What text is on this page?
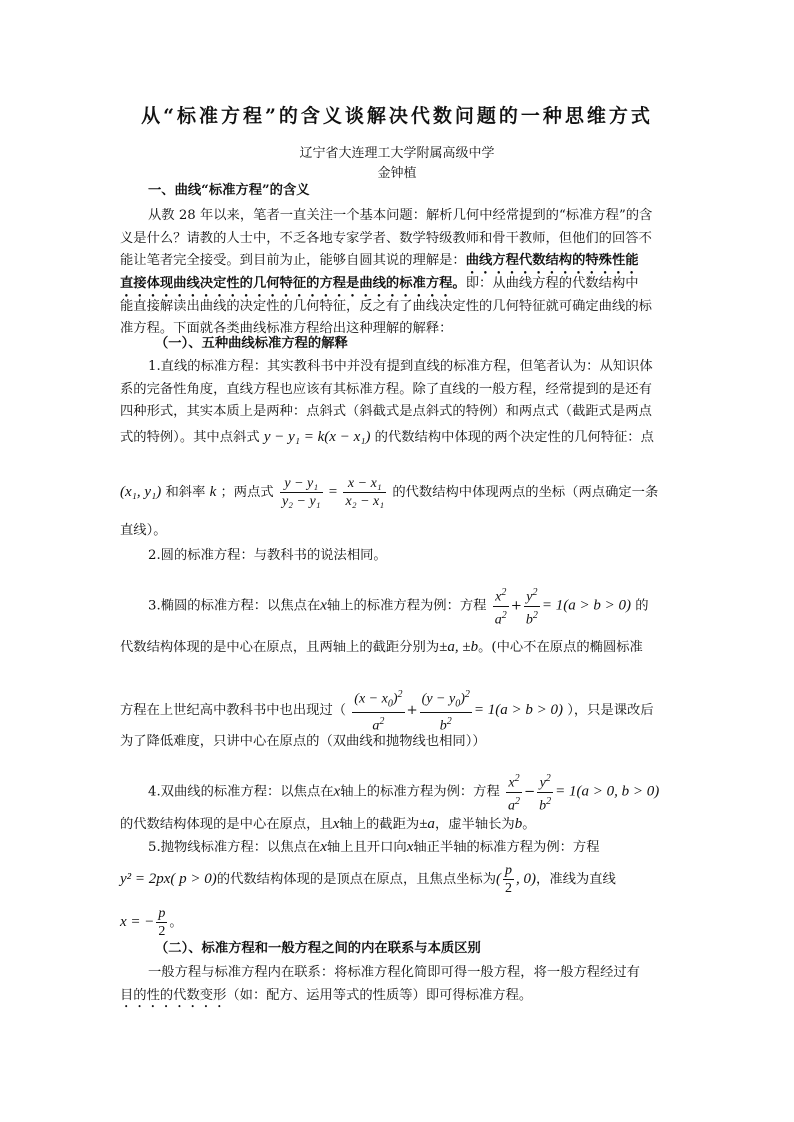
从“标准方程”的含义谈解决代数问题的一种思维方式
辽宁省大连理工大学附属高级中学
金钟植
一、曲线“标准方程”的含义
从教 28 年以来，笔者一直关注一个基本问题：解析几何中经常提到的“标准方程”的含
义是什么？请教的人士中，不乏各地专家学者、数学特级教师和骨干教师，但他们的回答不
能让笔者完全接受。到目前为止，能够自圆其说的理解是：曲线方程代数结构的特殊性能
直接体现曲线决定性的几何特征的方程是曲线的标准方程。即：从曲线方程的代数结构中
能直接解读出曲线的决定性的几何特征，反之有了曲线决定性的几何特征就可确定曲线的标
准方程。下面就各类曲线标准方程给出这种理解的解释：
（一）、五种曲线标准方程的解释
1.直线的标准方程：其实教科书中并没有提到直线的标准方程，但笔者认为：从知识体
系的完备性角度，直线方程也应该有其标准方程。除了直线的一般方程，经常提到的是还有
四种形式，其实本质上是两种：点斜式（斜截式是点斜式的特例）和两点式（截距式是两点
式的特例）。其中点斜式 y − y₁ = k(x − x₁) 的代数结构中体现的两个决定性的几何特征：点
(x₁, y₁) 和斜率 k ；两点式 $\frac{\text{y − y₁}}{\text{y₂ − y₁}} = \frac{\text{x − x₁}}{\text{x₂ − x₁}}$ 的代数结构中体现两点的坐标（两点确定一条
直线）。
2.圆的标准方程：与教科书的说法相同。
3.椭圆的标准方程：以焦点在x轴上的标准方程为例：方程 $\frac{x^2}{a^2} + \frac{y^2}{b^2} = 1(a > b > 0)$ 的
代数结构体现的是中心在原点，且两轴上的截距分别为±a, ±b。(中心不在原点的椭圆标准
方程在上世纪高中教科书中也出现过（ $\frac{(x - x_0)^2}{a^2} + \frac{(y - y_0)^2}{b^2} = 1(a > b > 0)$ ），只是课改后
为了降低难度，只讲中心在原点的（双曲线和抛物线也相同））
4.双曲线的标准方程：以焦点在x轴上的标准方程为例：方程 $\frac{x^2}{a^2} - \frac{y^2}{b^2} = 1(a > 0$, b > 0)
的代数结构体现的是中心在原点，且x轴上的截距为±a，虚半轴长为b。
5.抛物线标准方程：以焦点在x轴上且开口向x轴正半轴的标准方程为例：方程
y² = 2px( p > 0)的代数结构体现的是顶点在原点，且焦点坐标为( $\frac{p}{2}$ , 0)，准线为直线
x = − $\frac{p}{2}$ 。
（二）、标准方程和一般方程之间的内在联系与本质区别
一般方程与标准方程内在联系：将标准方程化简即可得一般方程，将一般方程经过有
目的性的代数变形（如：配方、运用等式的性质等）即可得标准方程。
